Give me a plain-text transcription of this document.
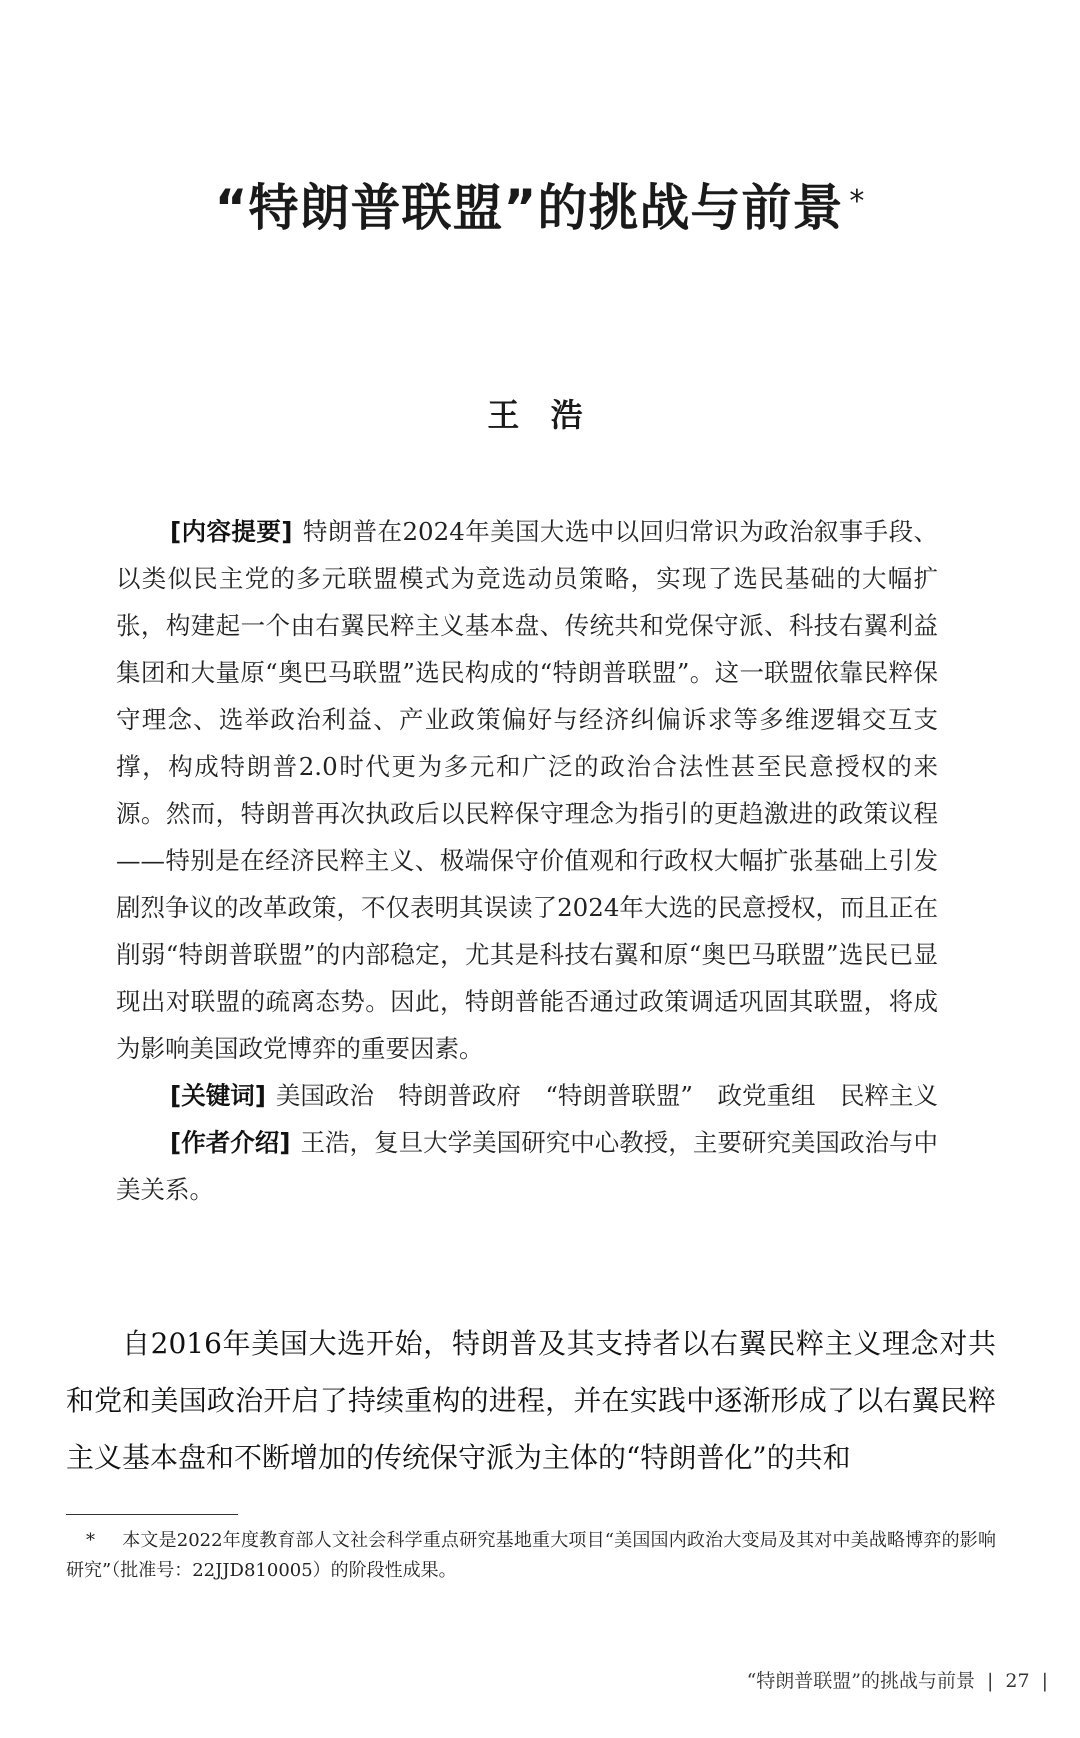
“特朗普联盟”的挑战与前景 *
王 浩

[内容提要] 特朗普在2024年美国大选中以回归常识为政治叙事手段、以类似民主党的多元联盟模式为竞选动员策略，实现了选民基础的大幅扩张，构建起一个由右翼民粹主义基本盘、传统共和党保守派、科技右翼利益集团和大量原“奥巴马联盟”选民构成的“特朗普联盟”。这一联盟依靠民粹保守理念、选举政治利益、产业政策偏好与经济纠偏诉求等多维逻辑交互支撑，构成特朗普2.0时代更为多元和广泛的政治合法性甚至民意授权的来源。然而，特朗普再次执政后以民粹保守理念为指引的更趋激进的政策议程——特别是在经济民粹主义、极端保守价值观和行政权大幅扩张基础上引发剧烈争议的改革政策，不仅表明其误读了2024年大选的民意授权，而且正在削弱“特朗普联盟”的内部稳定，尤其是科技右翼和原“奥巴马联盟”选民已显现出对联盟的疏离态势。因此，特朗普能否通过政策调适巩固其联盟，将成为影响美国政党博弈的重要因素。

[关键词] 美国政治　特朗普政府　“特朗普联盟”　政党重组　民粹主义

[作者介绍] 王浩，复旦大学美国研究中心教授，主要研究美国政治与中美关系。

自2016年美国大选开始，特朗普及其支持者以右翼民粹主义理念对共和党和美国政治开启了持续重构的进程，并在实践中逐渐形成了以右翼民粹主义基本盘和不断增加的传统保守派为主体的“特朗普化”的共和

* 本文是2022年度教育部人文社会科学重点研究基地重大项目“美国国内政治大变局及其对中美战略博弈的影响研究”（批准号：22JJD810005）的阶段性成果。
“特朗普联盟”的挑战与前景 | 27 |
